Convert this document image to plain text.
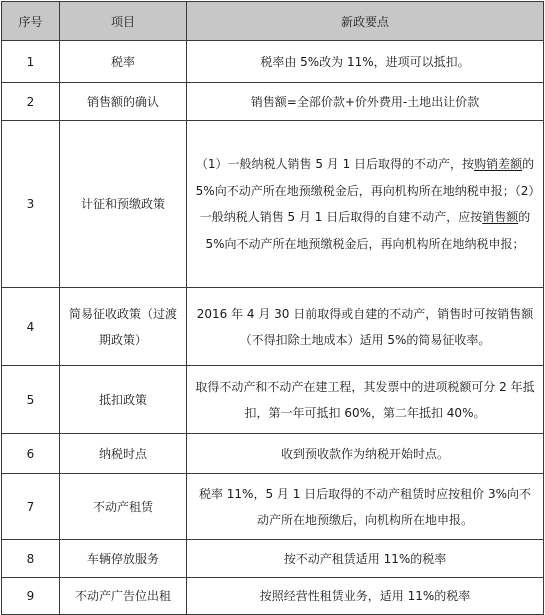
序号	项目	新政要点
1	税率	税率由 5%改为 11%，进项可以抵扣。
2	销售额的确认	销售额=全部价款+价外费用-土地出让价款
3	计征和预缴政策	（1）一般纳税人销售 5 月 1 日后取得的不动产，按购销差额的 5%向不动产所在地预缴税金后，再向机构所在地纳税申报；（2）一般纳税人销售 5 月 1 日后取得的自建不动产，应按销售额的 5%向不动产所在地预缴税金后，再向机构所在地纳税申报；
4	简易征收政策（过渡期政策）	2016 年 4 月 30 日前取得或自建的不动产，销售时可按销售额（不得扣除土地成本）适用 5%的简易征收率。
5	抵扣政策	取得不动产和不动产在建工程，其发票中的进项税额可分 2 年抵扣，第一年可抵扣 60%，第二年抵扣 40%。
6	纳税时点	收到预收款作为纳税开始时点。
7	不动产租赁	税率 11%，5 月 1 日后取得的不动产租赁时应按租价 3%向不动产所在地预缴后，向机构所在地申报。
8	车辆停放服务	按不动产租赁适用 11%的税率
9	不动产广告位出租	按照经营性租赁业务，适用 11%的税率
